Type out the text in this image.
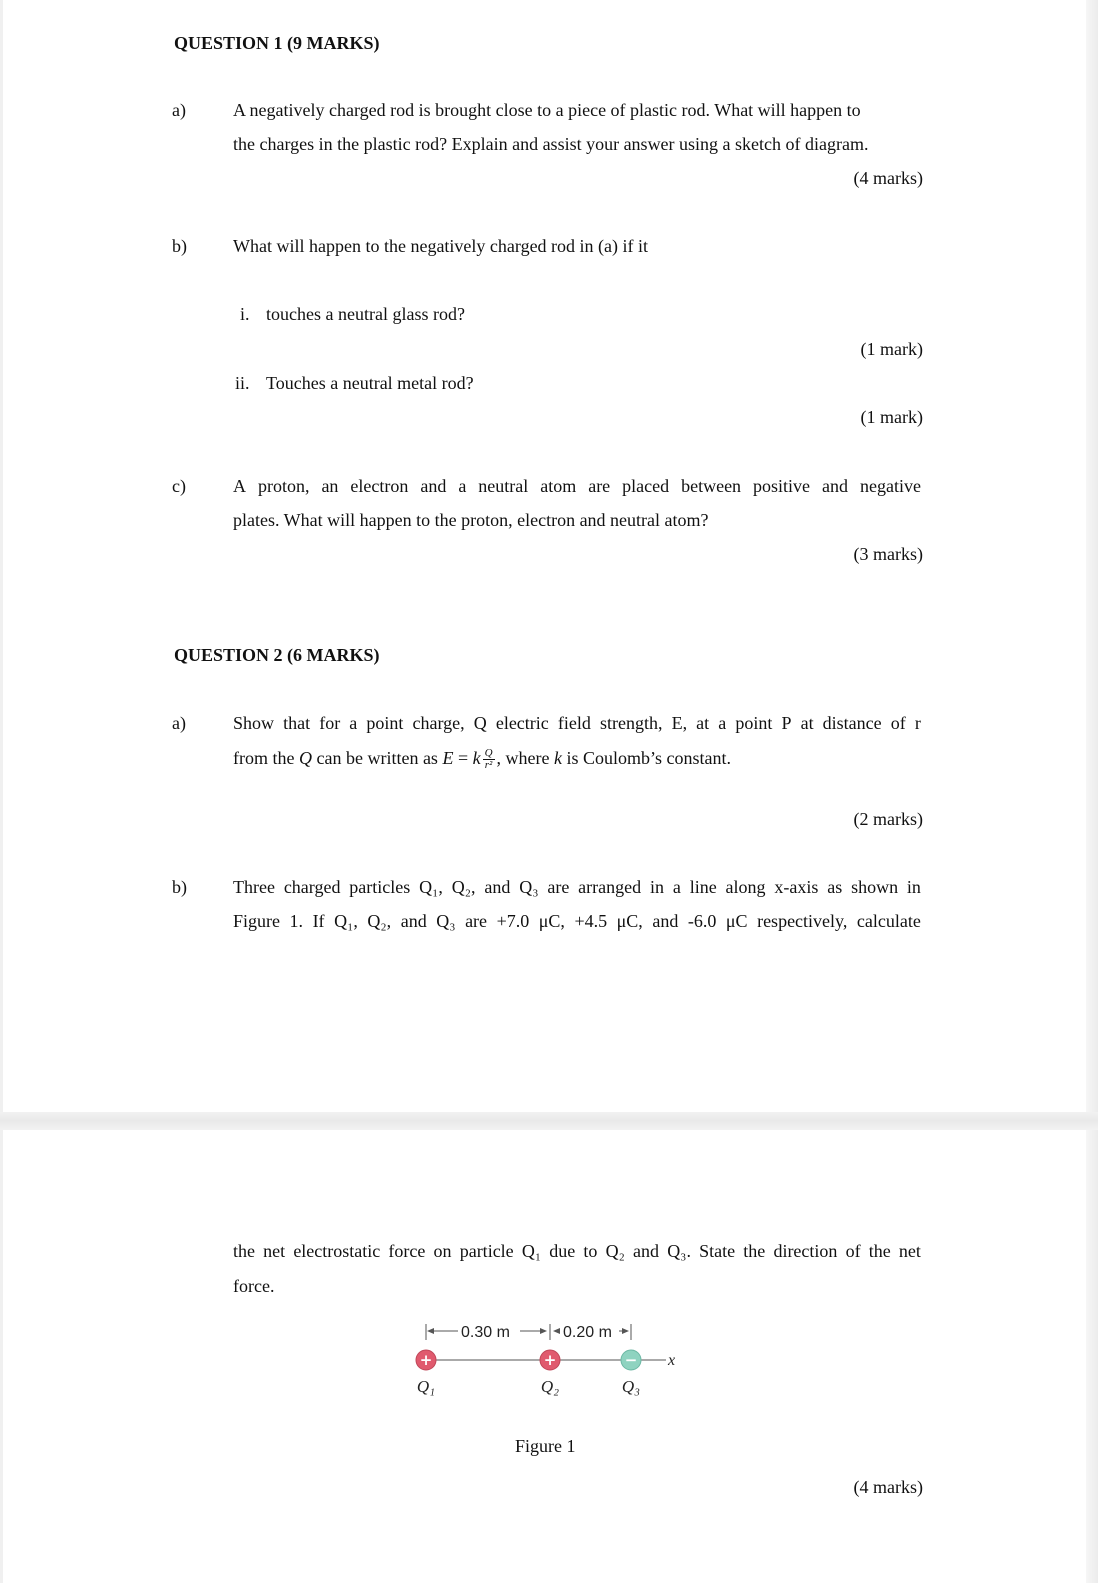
QUESTION 1 (9 MARKS)
a)	A negatively charged rod is brought close to a piece of plastic rod. What will happen to
the charges in the plastic rod? Explain and assist your answer using a sketch of diagram.
(4 marks)
b)	What will happen to the negatively charged rod in (a) if it
i. touches a neutral glass rod?
(1 mark)
ii. Touches a neutral metal rod?
(1 mark)
c)	A proton, an electron and a neutral atom are placed between positive and negative
plates. What will happen to the proton, electron and neutral atom?
(3 marks)
QUESTION 2 (6 MARKS)
a)	Show that for a point charge, Q electric field strength, E, at a point P at distance of r
from the Q can be written as E = k $\frac{Q}{\text{r²}}$ , where k is Coulomb’s constant.
(2 marks)
b)	Three charged particles Q₁, Q₂, and Q₃ are arranged in a line along x-axis as shown in
Figure 1. If Q₁, Q₂, and Q₃ are +7.0 μC, +4.5 μC, and -6.0 μC respectively, calculate
the net electrostatic force on particle Q₁ due to Q₂ and Q₃. State the direction of the net
force.
0.30 m	0.20 m
x
+	+	−
Q₁	Q₂	Q₃
Figure 1
(4 marks)
